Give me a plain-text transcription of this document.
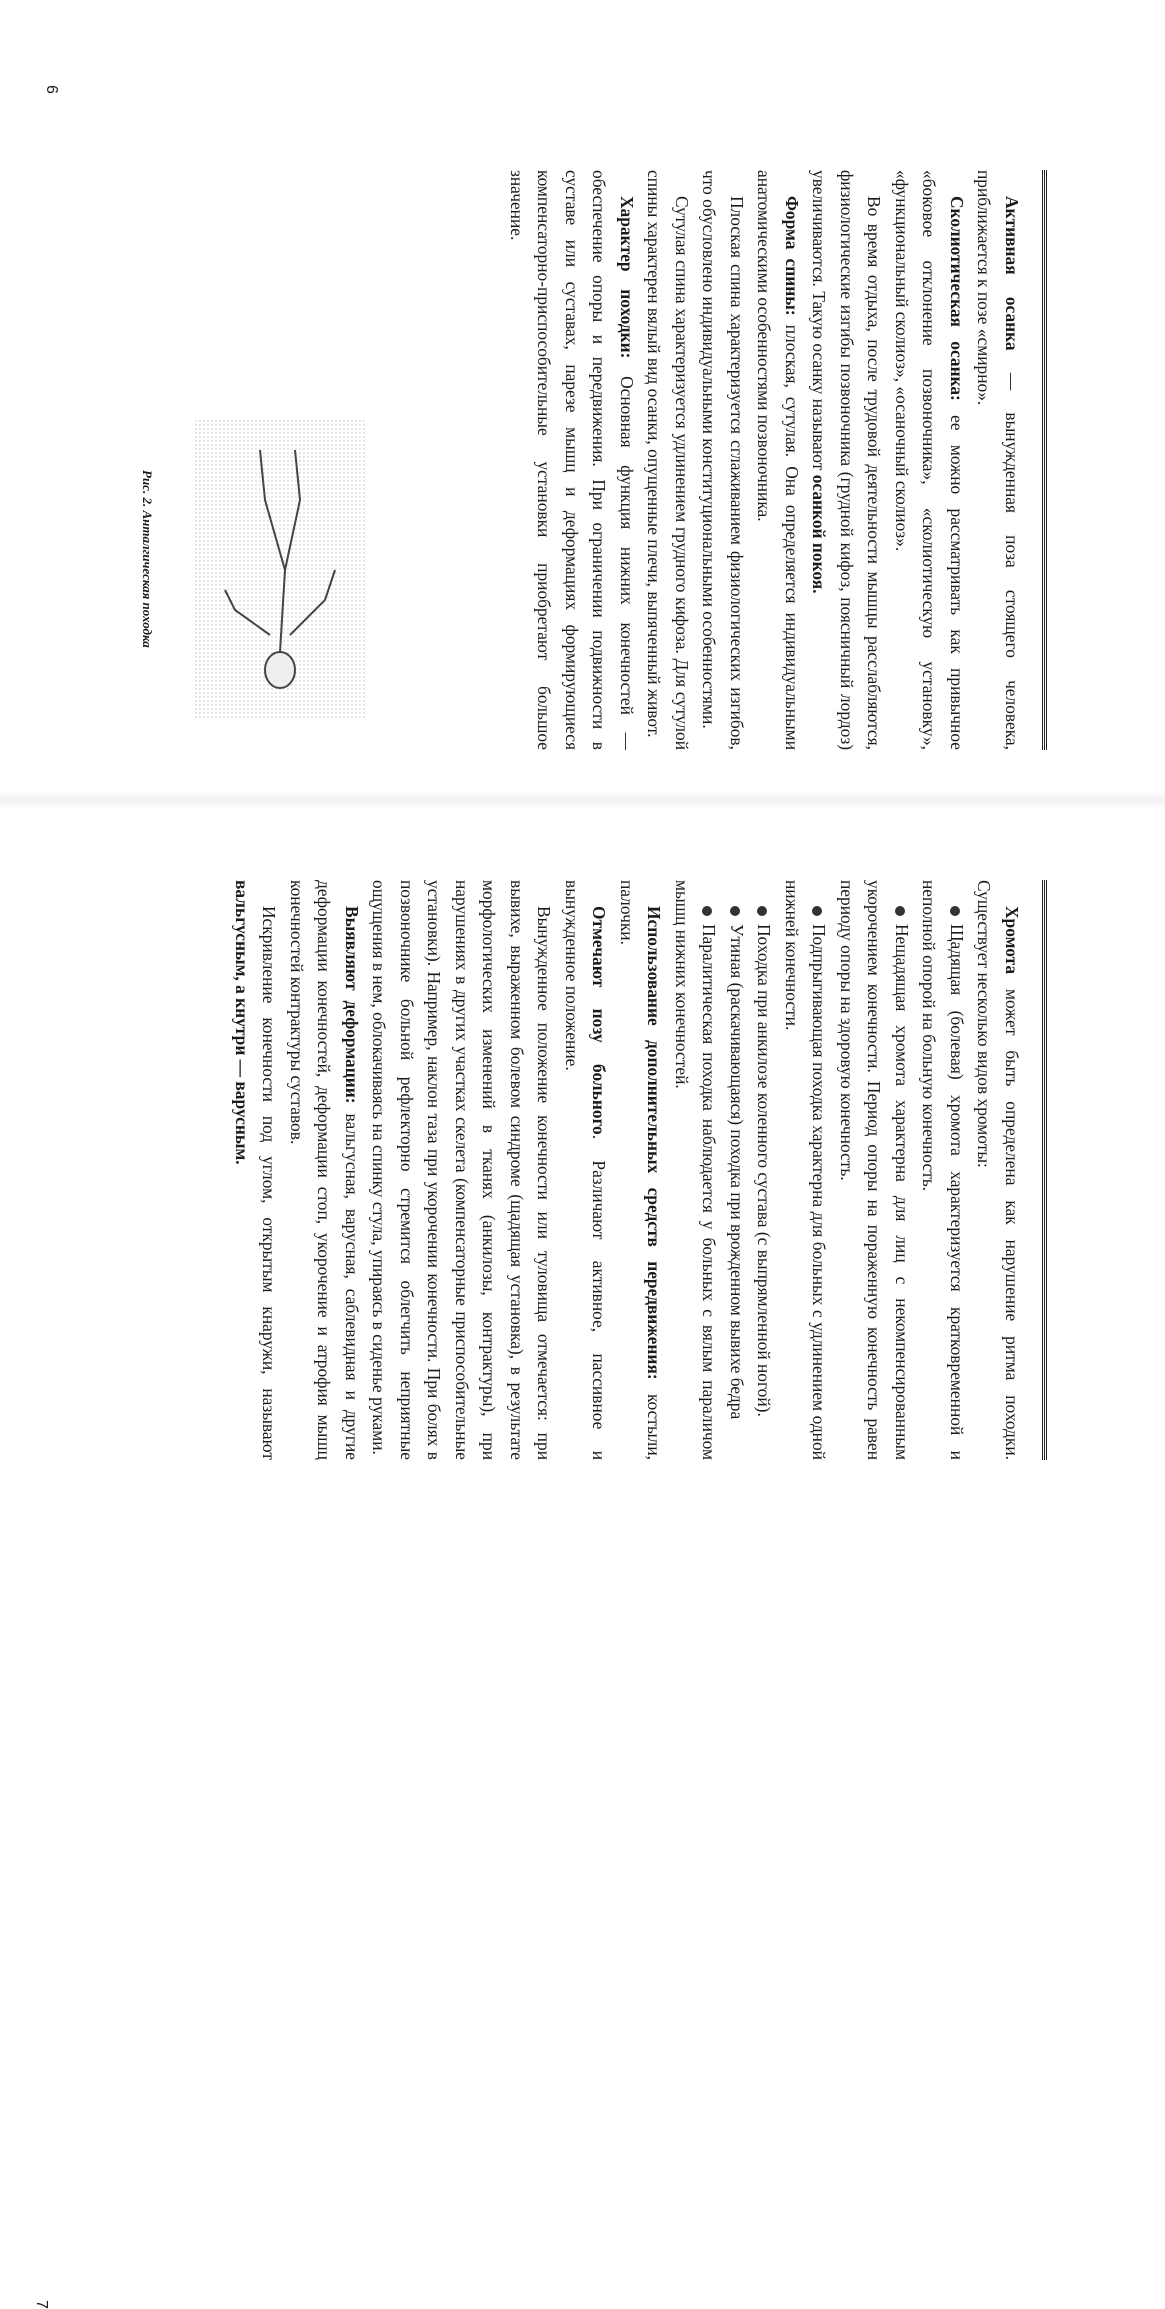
Активная осанка — вынужденная поза стоящего человека, приближается к позе «смирно».

Сколиотическая осанка: ее можно рассматривать как привычное «боковое отклонение позвоночника», «сколиотическую установку», «функциональный сколиоз», «осаночный сколиоз».

Во время отдыха, после трудовой деятельности мышцы расслабляются, физиологические изгибы позвоночника (грудной кифоз, поясничный лордоз) увеличиваются. Такую осанку называют осанкой покоя.

Форма спины: плоская, сутулая. Она определяется индивидуальными анатомическими особенностями позвоночника.

Плоская спина характеризуется сглаживанием физиологических изгибов, что обусловлено индивидуальными конституциональными особенностями.

Сутулая спина характеризуется удлинением грудного кифоза. Для сутулой спины характерен вялый вид осанки, опущенные плечи, выпяченный живот.

Характер походки: Основная функция нижних конечностей — обеспечение опоры и передвижения. При ограничении подвижности в суставе или суставах, парезе мышц и деформациях формирующиеся компенсаторно-приспособительные установки приобретают большое значение.

Рис. 2. Анталгическая походка
6

Хромота может быть определена как нарушение ритма походки. Существует несколько видов хромоты:

Щадящая (болевая) хромота характеризуется кратковременной и неполной опорой на больную конечность.

Нещадящая хромота характерна для лиц с некомпенсированным укорочением конечности. Период опоры на пораженную конечность равен периоду опоры на здоровую конечность.

Подпрыгивающая походка характерна для больных с удлинением одной нижней конечности.

Походка при анкилозе коленного сустава (с выпрямленной ногой).

Утиная (раскачивающаяся) походка при врожденном вывихе бедра

Паралитическая походка наблюдается у больных с вялым параличом мышц нижних конечностей.

Использование дополнительных средств передвижения: костыли, палочки.

Отмечают позу больного. Различают активное, пассивное и вынужденное положение.

Вынужденное положение конечности или туловища отмечается: при вывихе, выраженном болевом синдроме (щадящая установка), в результате морфологических изменений в тканях (анкилозы, контрактуры), при нарушениях в других участках скелета (компенсаторные приспособительные установки). Например, наклон таза при укорочении конечности. При болях в позвоночнике больной рефлекторно стремится облегчить неприятные ощущения в нем, облокачиваясь на спинку стула, упираясь в сиденье руками.

Выявляют деформации: вальгусная, варусная, саблевидная и другие деформации конечностей, деформации стоп, укорочение и атрофия мышц конечностей контрактуры суставов.

Искривление конечности под углом, открытым кнаружи, называют вальгусным, а кнутри — варусным.

7
